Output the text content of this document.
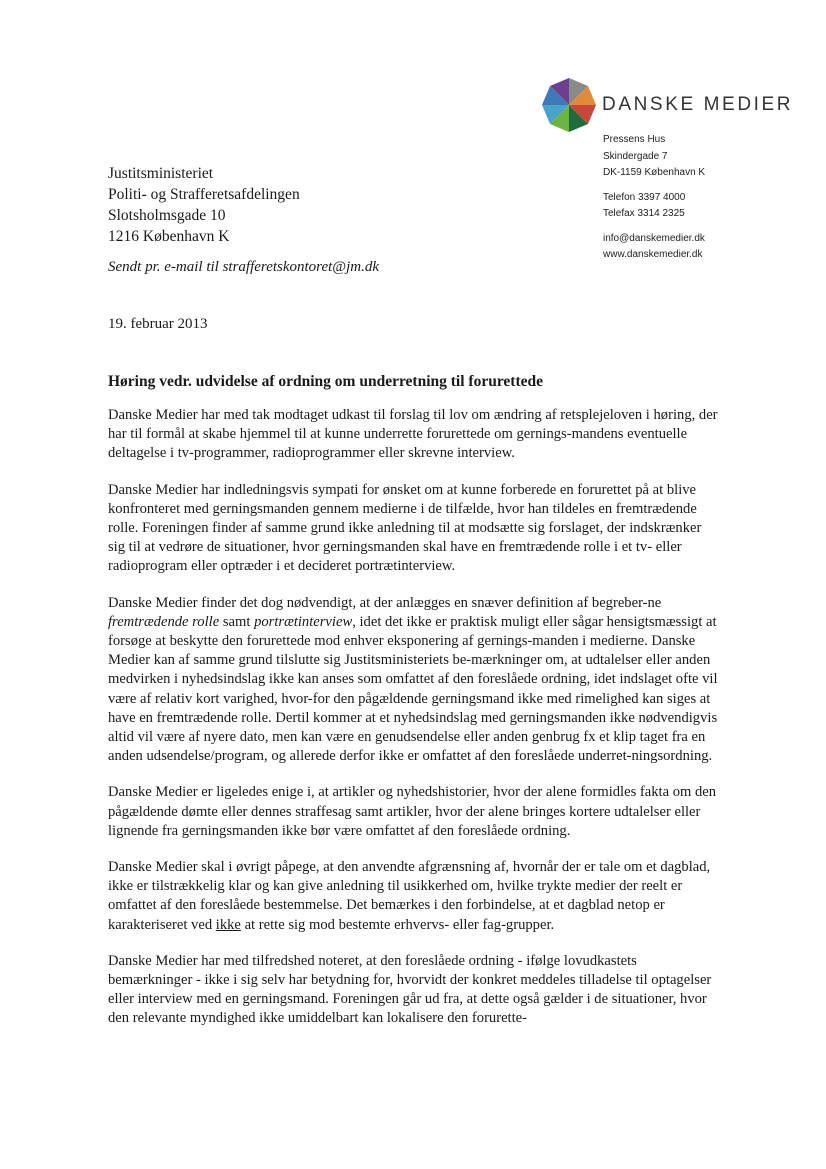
DANSKE MEDIER
Pressens Hus
Skindergade 7
DK-1159 København K
Telefon 3397 4000
Telefax 3314 2325
info@danskemedier.dk
www.danskemedier.dk
Justitsministeriet
Politi- og Strafferetsafdelingen
Slotsholmsgade 10
1216 København K
Sendt pr. e-mail til strafferetskontoret@jm.dk
19. februar 2013
Høring vedr. udvidelse af ordning om underretning til forurettede

Danske Medier har med tak modtaget udkast til forslag til lov om ændring af retsplejeloven i høring, der har til formål at skabe hjemmel til at kunne underrette forurettede om gernings-mandens eventuelle deltagelse i tv-programmer, radioprogrammer eller skrevne interview.

Danske Medier har indledningsvis sympati for ønsket om at kunne forberede en forurettet på at blive konfronteret med gerningsmanden gennem medierne i de tilfælde, hvor han tildeles en fremtrædende rolle. Foreningen finder af samme grund ikke anledning til at modsætte sig forslaget, der indskrænker sig til at vedrøre de situationer, hvor gerningsmanden skal have en fremtrædende rolle i et tv- eller radioprogram eller optræder i et decideret portrætinterview.

Danske Medier finder det dog nødvendigt, at der anlægges en snæver definition af begreber-ne fremtrædende rolle samt portrætinterview, idet det ikke er praktisk muligt eller sågar hensigtsmæssigt at forsøge at beskytte den forurettede mod enhver eksponering af gernings-manden i medierne. Danske Medier kan af samme grund tilslutte sig Justitsministeriets be-mærkninger om, at udtalelser eller anden medvirken i nyhedsindslag ikke kan anses som omfattet af den foreslåede ordning, idet indslaget ofte vil være af relativ kort varighed, hvor-for den pågældende gerningsmand ikke med rimelighed kan siges at have en fremtrædende rolle. Dertil kommer at et nyhedsindslag med gerningsmanden ikke nødvendigvis altid vil være af nyere dato, men kan være en genudsendelse eller anden genbrug fx et klip taget fra en anden udsendelse/program, og allerede derfor ikke er omfattet af den foreslåede underret-ningsordning.

Danske Medier er ligeledes enige i, at artikler og nyhedshistorier, hvor der alene formidles fakta om den pågældende dømte eller dennes straffesag samt artikler, hvor der alene bringes kortere udtalelser eller lignende fra gerningsmanden ikke bør være omfattet af den foreslåede ordning.

Danske Medier skal i øvrigt påpege, at den anvendte afgrænsning af, hvornår der er tale om et dagblad, ikke er tilstrækkelig klar og kan give anledning til usikkerhed om, hvilke trykte medier der reelt er omfattet af den foreslåede bestemmelse. Det bemærkes i den forbindelse, at et dagblad netop er karakteriseret ved ikke at rette sig mod bestemte erhvervs- eller fag-grupper.

Danske Medier har med tilfredshed noteret, at den foreslåede ordning - ifølge lovudkastets bemærkninger - ikke i sig selv har betydning for, hvorvidt der konkret meddeles tilladelse til optagelser eller interview med en gerningsmand. Foreningen går ud fra, at dette også gælder i de situationer, hvor den relevante myndighed ikke umiddelbart kan lokalisere den forurette-
